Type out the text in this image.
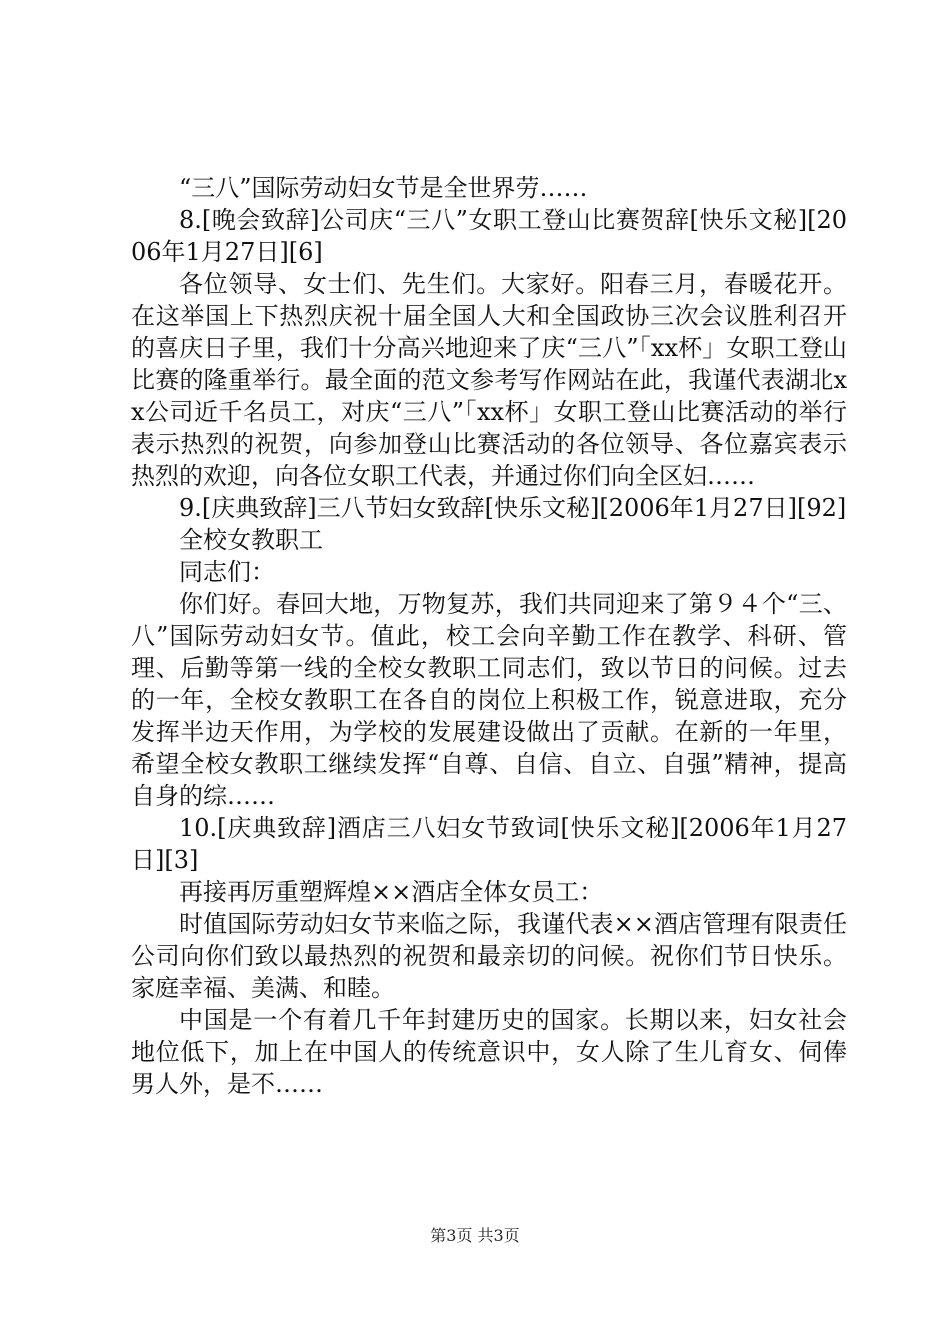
“三八”国际劳动妇女节是全世界劳……

8.[晚会致辞]公司庆“三八”女职工登山比赛贺辞[快乐文秘][2006年1月27日][6]

各位领导、女士们、先生们。大家好。阳春三月，春暖花开。在这举国上下热烈庆祝十届全国人大和全国政协三次会议胜利召开的喜庆日子里，我们十分高兴地迎来了庆“三八”「xx杯」女职工登山比赛的隆重举行。最全面的范文参考写作网站在此，我谨代表湖北xx公司近千名员工，对庆“三八”「xx杯」女职工登山比赛活动的举行表示热烈的祝贺，向参加登山比赛活动的各位领导、各位嘉宾表示热烈的欢迎，向各位女职工代表，并通过你们向全区妇……

9.[庆典致辞]三八节妇女致辞[快乐文秘][2006年1月27日][92]

全校女教职工

同志们：

你们好。春回大地，万物复苏，我们共同迎来了第９４个“三、八”国际劳动妇女节。值此，校工会向辛勤工作在教学、科研、管理、后勤等第一线的全校女教职工同志们，致以节日的问候。过去的一年，全校女教职工在各自的岗位上积极工作，锐意进取，充分发挥半边天作用，为学校的发展建设做出了贡献。在新的一年里，希望全校女教职工继续发挥“自尊、自信、自立、自强”精神，提高自身的综……

10.[庆典致辞]酒店三八妇女节致词[快乐文秘][2006年1月27日][3]

再接再厉重塑辉煌××酒店全体女员工：

时值国际劳动妇女节来临之际，我谨代表××酒店管理有限责任公司向你们致以最热烈的祝贺和最亲切的问候。祝你们节日快乐。家庭幸福、美满、和睦。

中国是一个有着几千年封建历史的国家。长期以来，妇女社会地位低下，加上在中国人的传统意识中，女人除了生儿育女、伺俸男人外，是不……

第3页 共3页
